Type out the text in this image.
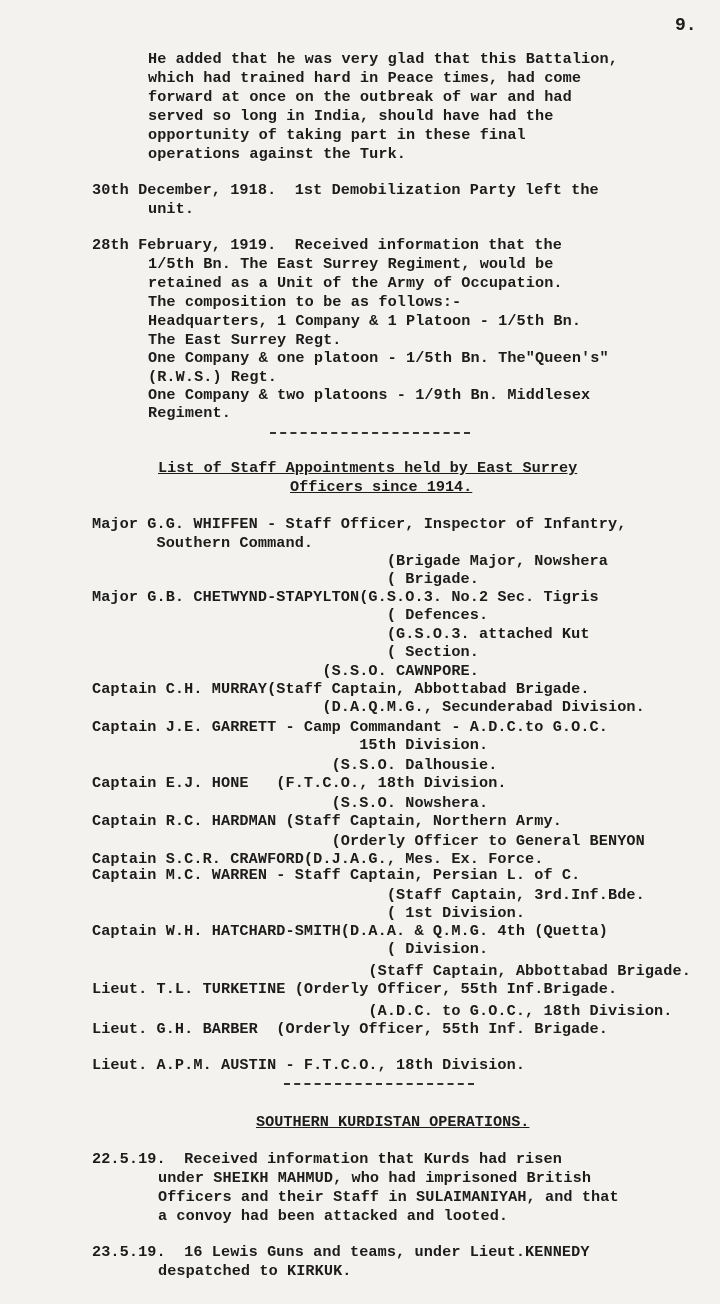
9.
He added that he was very glad that this Battalion,
which had trained hard in Peace times, had come
forward at once on the outbreak of war and had
served so long in India, should have had the
opportunity of taking part in these final
operations against the Turk.
30th December, 1918.  1st Demobilization Party left the
unit.
28th February, 1919.  Received information that the
1/5th Bn. The East Surrey Regiment, would be
retained as a Unit of the Army of Occupation.
The composition to be as follows:-
Headquarters, 1 Company & 1 Platoon - 1/5th Bn.
The East Surrey Regt.
One Company & one platoon - 1/5th Bn. The"Queen's"
(R.W.S.) Regt.
One Company & two platoons - 1/9th Bn. Middlesex
Regiment.
List of Staff Appointments held by East Surrey
Officers since 1914.
Major G.G. WHIFFEN - Staff Officer, Inspector of Infantry,
Southern Command.
(Brigade Major, Nowshera
( Brigade.
Major G.B. CHETWYND-STAPYLTON(G.S.O.3. No.2 Sec. Tigris
( Defences.
(G.S.O.3. attached Kut
( Section.
(S.S.O. CAWNPORE.
Captain C.H. MURRAY(Staff Captain, Abbottabad Brigade.
(D.A.Q.M.G., Secunderabad Division.
Captain J.E. GARRETT - Camp Commandant - A.D.C.to G.O.C.
15th Division.
(S.S.O. Dalhousie.
Captain E.J. HONE   (F.T.C.O., 18th Division.
(S.S.O. Nowshera.
Captain R.C. HARDMAN (Staff Captain, Northern Army.
(Orderly Officer to General BENYON
Captain S.C.R. CRAWFORD(D.J.A.G., Mes. Ex. Force.
Captain M.C. WARREN - Staff Captain, Persian L. of C.
(Staff Captain, 3rd.Inf.Bde.
( 1st Division.
Captain W.H. HATCHARD-SMITH(D.A.A. & Q.M.G. 4th (Quetta)
( Division.
(Staff Captain, Abbottabad Brigade.
Lieut. T.L. TURKETINE (Orderly Officer, 55th Inf.Brigade.
(A.D.C. to G.O.C., 18th Division.
Lieut. G.H. BARBER  (Orderly Officer, 55th Inf. Brigade.
Lieut. A.P.M. AUSTIN - F.T.C.O., 18th Division.
SOUTHERN KURDISTAN OPERATIONS.
22.5.19.  Received information that Kurds had risen
under SHEIKH MAHMUD, who had imprisoned British
Officers and their Staff in SULAIMANIYAH, and that
a convoy had been attacked and looted.
23.5.19.  16 Lewis Guns and teams, under Lieut.KENNEDY
despatched to KIRKUK.
